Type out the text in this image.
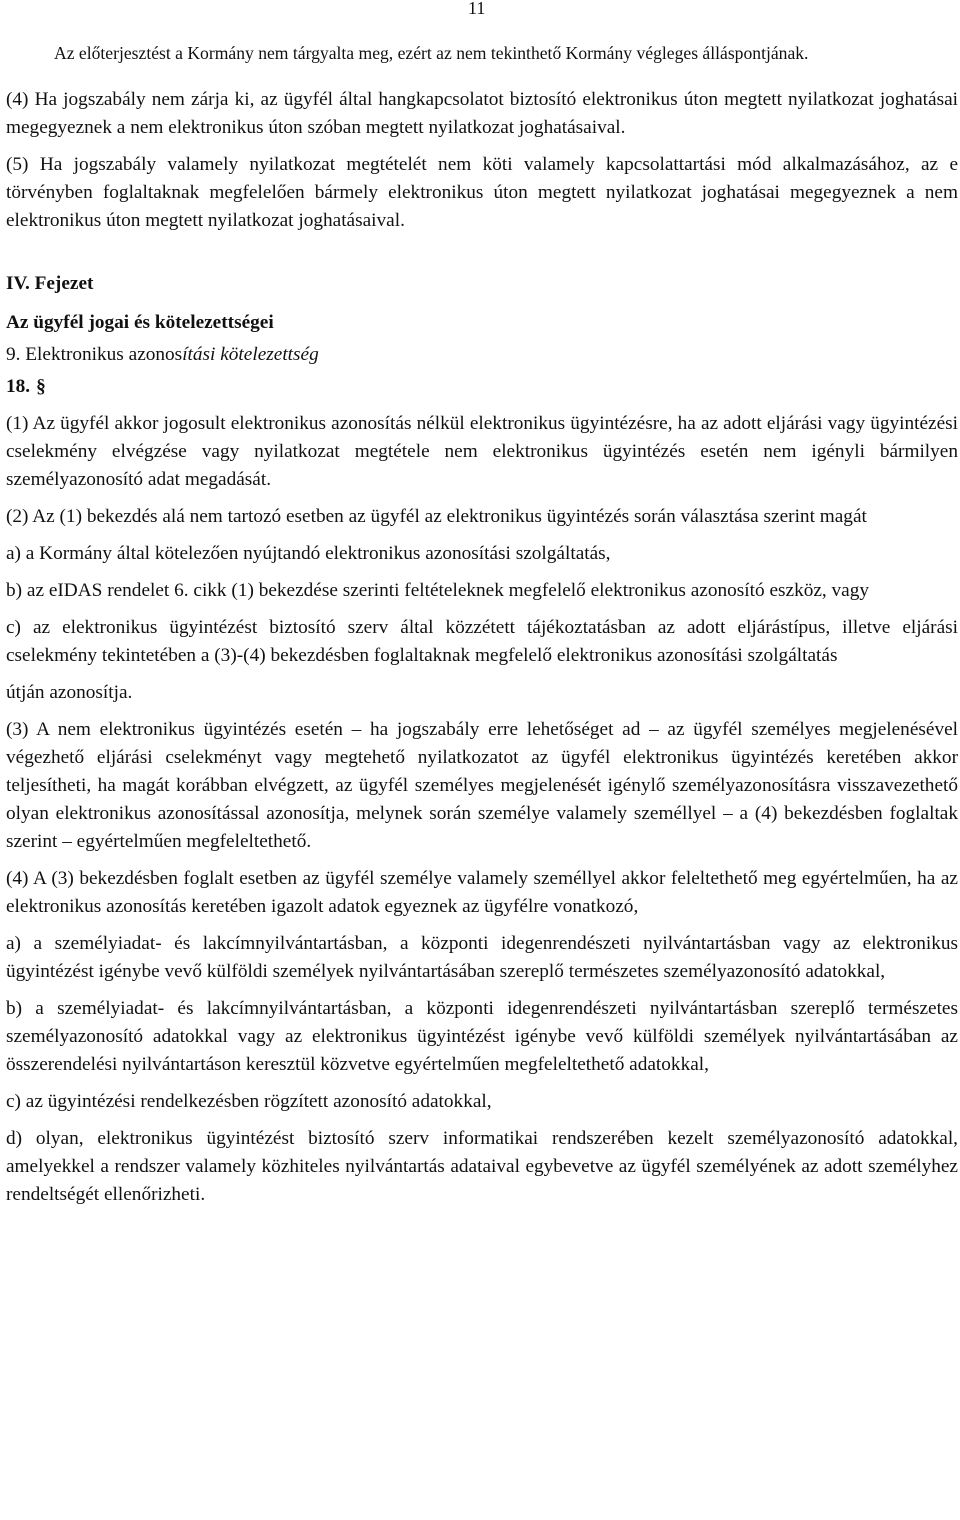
11
Az előterjesztést a Kormány nem tárgyalta meg, ezért az nem tekinthető Kormány végleges álláspontjának.

(4) Ha jogszabály nem zárja ki, az ügyfél által hangkapcsolatot biztosító elektronikus úton megtett nyilatkozat joghatásai megegyeznek a nem elektronikus úton szóban megtett nyilatkozat joghatásaival.

(5) Ha jogszabály valamely nyilatkozat megtételét nem köti valamely kapcsolattartási mód alkalmazásához, az e törvényben foglaltaknak megfelelően bármely elektronikus úton megtett nyilatkozat joghatásai megegyeznek a nem elektronikus úton megtett nyilatkozat joghatásaival.

IV. Fejezet
Az ügyfél jogai és kötelezettségei
9. Elektronikus azonosítási kötelezettség
18. §

(1) Az ügyfél akkor jogosult elektronikus azonosítás nélkül elektronikus ügyintézésre, ha az adott eljárási vagy ügyintézési cselekmény elvégzése vagy nyilatkozat megtétele nem elektronikus ügyintézés esetén nem igényli bármilyen személyazonosító adat megadását.

(2) Az (1) bekezdés alá nem tartozó esetben az ügyfél az elektronikus ügyintézés során választása szerint magát

a) a Kormány által kötelezően nyújtandó elektronikus azonosítási szolgáltatás,

b) az eIDAS rendelet 6. cikk (1) bekezdése szerinti feltételeknek megfelelő elektronikus azonosító eszköz, vagy

c) az elektronikus ügyintézést biztosító szerv által közzétett tájékoztatásban az adott eljárástípus, illetve eljárási cselekmény tekintetében a (3)-(4) bekezdésben foglaltaknak megfelelő elektronikus azonosítási szolgáltatás

útján azonosítja.

(3) A nem elektronikus ügyintézés esetén – ha jogszabály erre lehetőséget ad – az ügyfél személyes megjelenésével végezhető eljárási cselekményt vagy megtehető nyilatkozatot az ügyfél elektronikus ügyintézés keretében akkor teljesítheti, ha magát korábban elvégzett, az ügyfél személyes megjelenését igénylő személyazonosításra visszavezethető olyan elektronikus azonosítással azonosítja, melynek során személye valamely személlyel – a (4) bekezdésben foglaltak szerint – egyértelműen megfeleltethető.

(4) A (3) bekezdésben foglalt esetben az ügyfél személye valamely személlyel akkor feleltethető meg egyértelműen, ha az elektronikus azonosítás keretében igazolt adatok egyeznek az ügyfélre vonatkozó,

a) a személyiadat- és lakcímnyilvántartásban, a központi idegenrendészeti nyilvántartásban vagy az elektronikus ügyintézést igénybe vevő külföldi személyek nyilvántartásában szereplő természetes személyazonosító adatokkal,

b) a személyiadat- és lakcímnyilvántartásban, a központi idegenrendészeti nyilvántartásban szereplő természetes személyazonosító adatokkal vagy az elektronikus ügyintézést igénybe vevő külföldi személyek nyilvántartásában az összerendelési nyilvántartáson keresztül közvetve egyértelműen megfeleltethető adatokkal,

c) az ügyintézési rendelkezésben rögzített azonosító adatokkal,

d) olyan, elektronikus ügyintézést biztosító szerv informatikai rendszerében kezelt személyazonosító adatokkal, amelyekkel a rendszer valamely közhiteles nyilvántartás adataival egybevetve az ügyfél személyének az adott személyhez rendeltségét ellenőrizheti.
